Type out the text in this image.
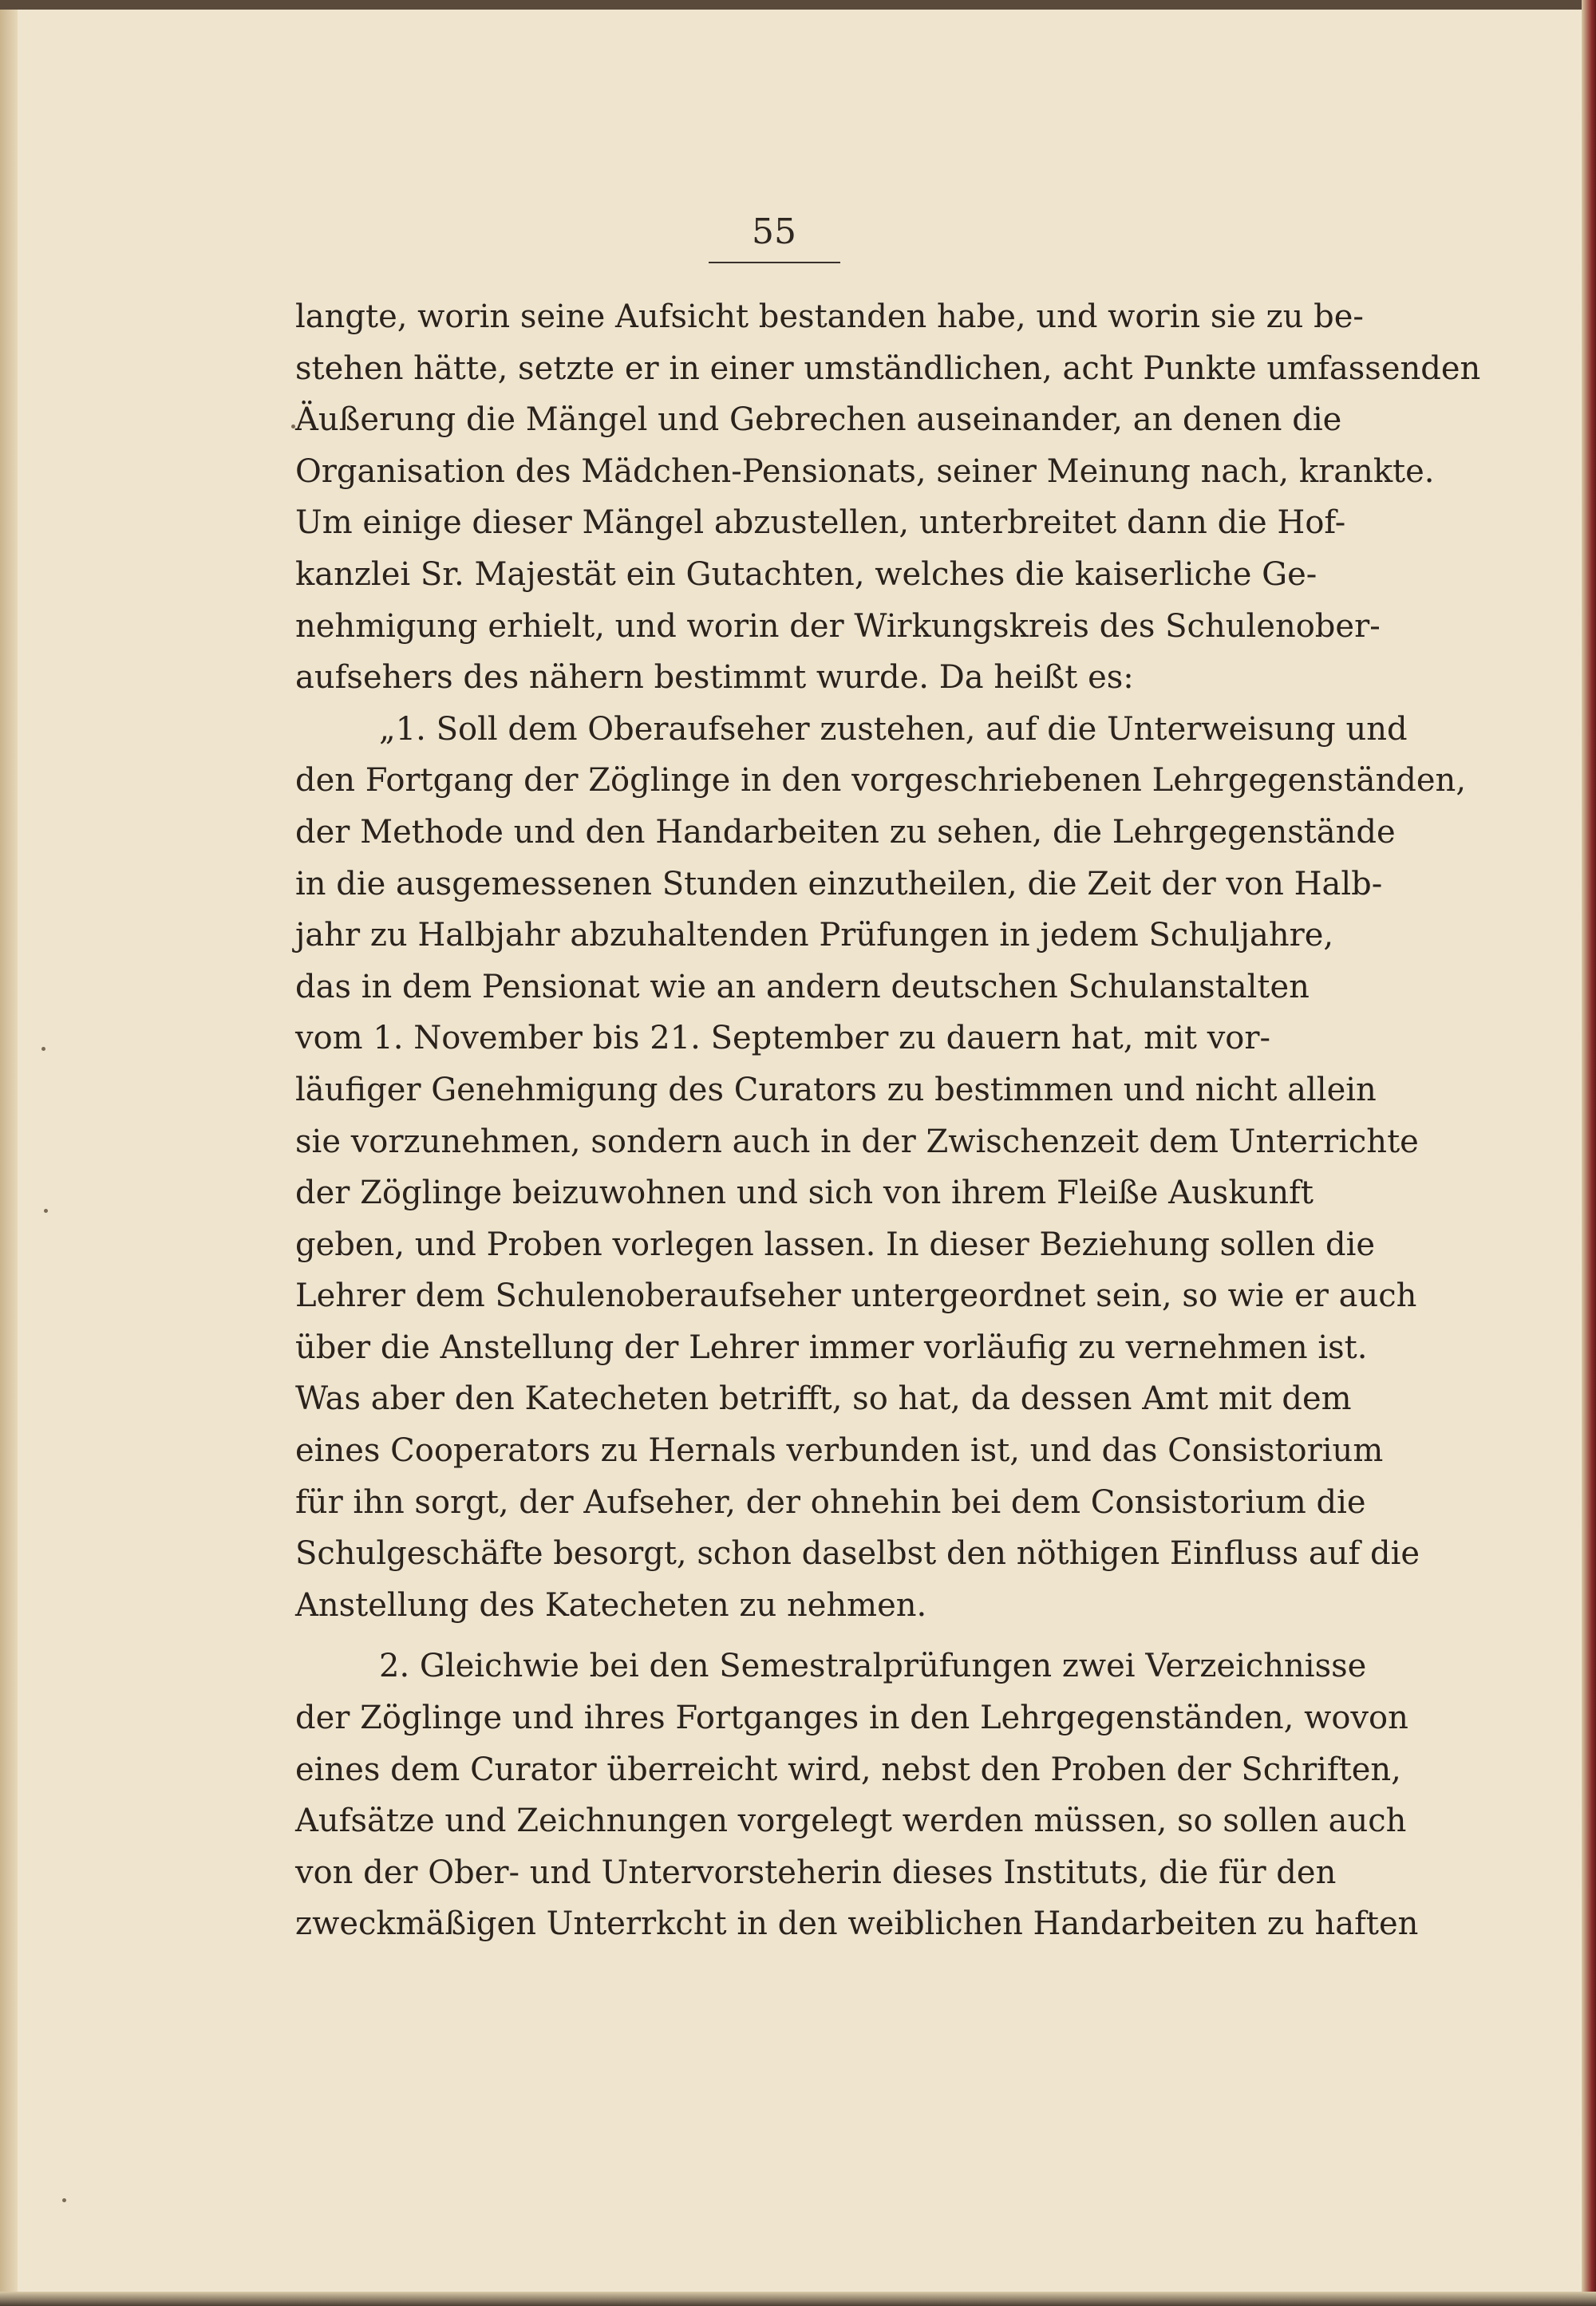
55
langte, worin seine Aufsicht bestanden habe, und worin sie zu be-
stehen hätte, setzte er in einer umständlichen, acht Punkte umfassenden
Äußerung die Mängel und Gebrechen auseinander, an denen die
Organisation des Mädchen-Pensionats, seiner Meinung nach, krankte.
Um einige dieser Mängel abzustellen, unterbreitet dann die Hof-
kanzlei Sr. Majestät ein Gutachten, welches die kaiserliche Ge-
nehmigung erhielt, und worin der Wirkungskreis des Schulenober-
aufsehers des nähern bestimmt wurde. Da heißt es:
„1. Soll dem Oberaufseher zustehen, auf die Unterweisung und
den Fortgang der Zöglinge in den vorgeschriebenen Lehrgegenständen,
der Methode und den Handarbeiten zu sehen, die Lehrgegenstände
in die ausgemessenen Stunden einzutheilen, die Zeit der von Halb-
jahr zu Halbjahr abzuhaltenden Prüfungen in jedem Schuljahre,
das in dem Pensionat wie an andern deutschen Schulanstalten
vom 1. November bis 21. September zu dauern hat, mit vor-
läufiger Genehmigung des Curators zu bestimmen und nicht allein
sie vorzunehmen, sondern auch in der Zwischenzeit dem Unterrichte
der Zöglinge beizuwohnen und sich von ihrem Fleiße Auskunft
geben, und Proben vorlegen lassen. In dieser Beziehung sollen die
Lehrer dem Schulenoberaufseher untergeordnet sein, so wie er auch
über die Anstellung der Lehrer immer vorläufig zu vernehmen ist.
Was aber den Katecheten betrifft, so hat, da dessen Amt mit dem
eines Cooperators zu Hernals verbunden ist, und das Consistorium
für ihn sorgt, der Aufseher, der ohnehin bei dem Consistorium die
Schulgeschäfte besorgt, schon daselbst den nöthigen Einfluss auf die
Anstellung des Katecheten zu nehmen.
2. Gleichwie bei den Semestralprüfungen zwei Verzeichnisse
der Zöglinge und ihres Fortganges in den Lehrgegenständen, wovon
eines dem Curator überreicht wird, nebst den Proben der Schriften,
Aufsätze und Zeichnungen vorgelegt werden müssen, so sollen auch
von der Ober- und Untervorsteherin dieses Instituts, die für den
zweckmäßigen Unterrkcht in den weiblichen Handarbeiten zu haften
